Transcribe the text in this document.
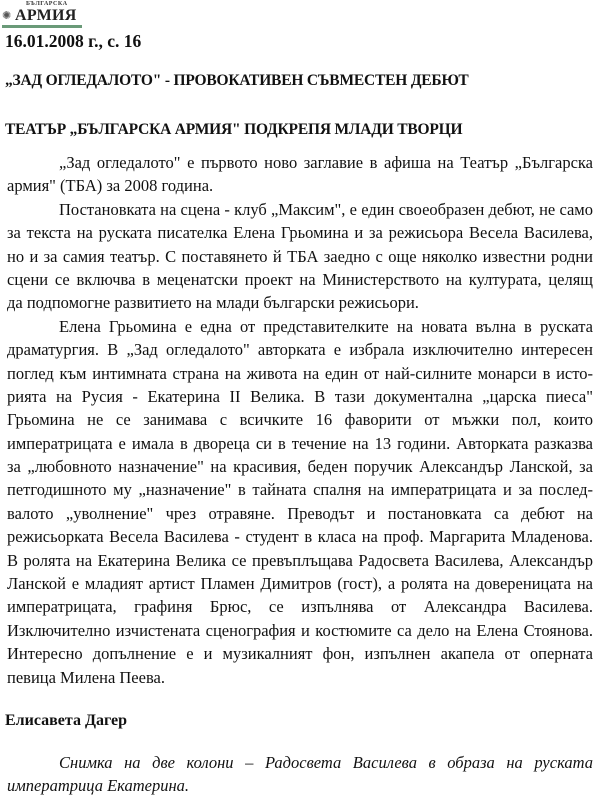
✺
БЪЛГАРСКА
АРМИЯ
16.01.2008 г., с. 16
„ЗАД ОГЛЕДАЛОТО" - ПРОВОКАТИВЕН СЪВМЕСТЕН ДЕБЮТ
ТЕАТЪР „БЪЛГАРСКА АРМИЯ" ПОДКРЕПЯ МЛАДИ ТВОРЦИ
„Зад огледалото" е първото ново заглавие в афиша на Театър „Българска
армия" (ТБА) за 2008 година.
Постановката на сцена - клуб „Максим", е един своеобразен дебют, не само
за текста на руската писателка Елена Грьомина и за режисьора Весела Василева,
но и за самия театър. С поставянето й ТБА заедно с още няколко известни родни
сцени се включва в меценатски проект на Министерството на културата, целящ
да подпомогне развитието на млади български режисьори.
Елена Грьомина е една от представителките на новата вълна в руската
драматургия. В „Зад огледалото" авторката е избрала изключително интересен
поглед към интимната страна на живота на един от най-силните монарси в исто-
рията на Русия - Екатерина II Велика. В тази документална „царска пиеса"
Грьомина не се занимава с всичките 16 фаворити от мъжки пол, които
императрицата е имала в двореца си в течение на 13 години. Авторката разказва
за „любовното назначение" на красивия, беден поручик Александър Ланской, за
петгодишното му „назначение" в тайната спалня на императрицата и за послед-
валото „уволнение" чрез отравяне. Преводът и постановката са дебют на
режисьорката Весела Василева - студент в класа на проф. Маргарита Младенова.
В ролята на Екатерина Велика се превъплъщава Радосвета Василева, Александър
Ланской е младият артист Пламен Димитров (гост), а ролята на довереницата на
императрицата, графиня Брюс, се изпълнява от Александра Василева.
Изключително изчистената сценография и костюмите са дело на Елена Стоянова.
Интересно допълнение е и музикалният фон, изпълнен акапела от оперната
певица Милена Пеева.
Елисавета Дагер
Снимка на две колони – Радосвета Василева в образа на руската
императрица Екатерина.
